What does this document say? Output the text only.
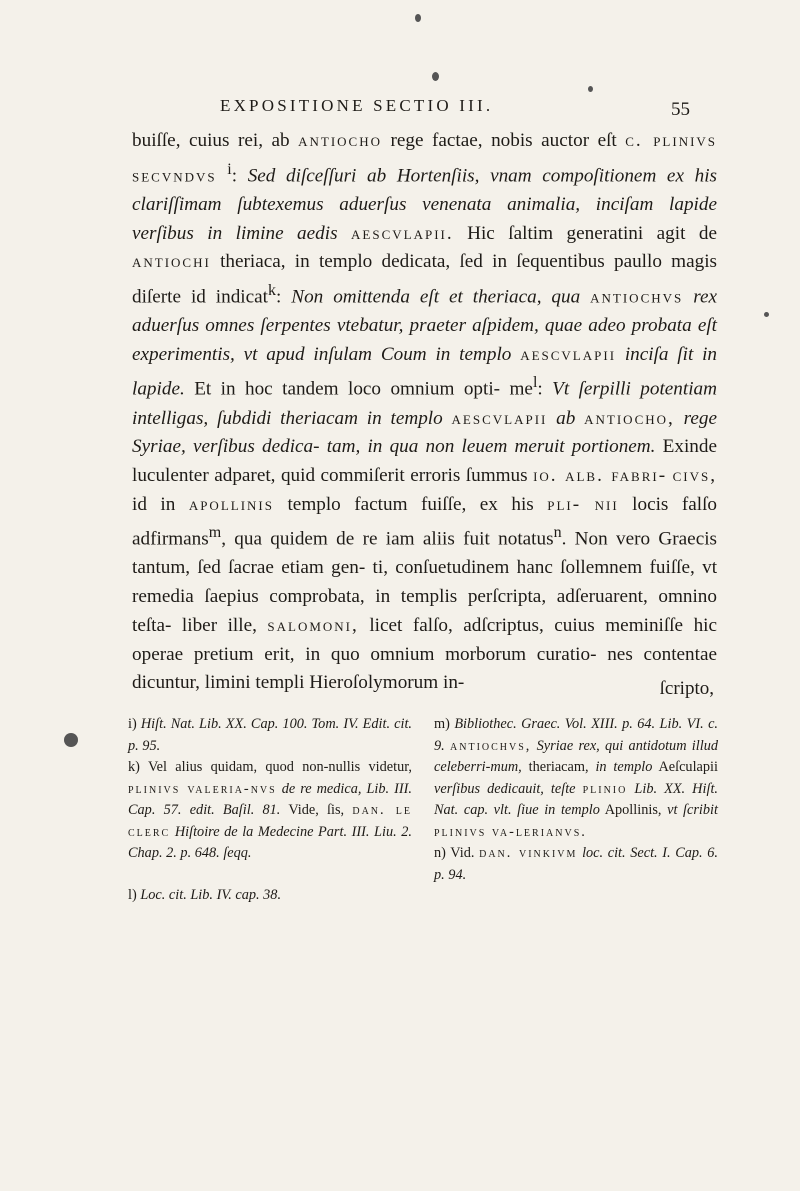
EXPOSITIONE SECTIO III.	55

buiſſe, cuius rei, ab antiocho rege factae, nobis auctor eſt c. plinivs secvndvs $^i$: Sed diſceſſuri ab Hortenſiis, vnam compoſitionem ex his clariſſimam ſubtexemus aduerſus venenata animalia, inciſam lapide verſibus in limine aedis aescvlapii. Hic ſaltim generatini agit de antiochi theriaca, in templo dedicata, ſed in ſequentibus paullo magis diſerte id indicat$^k$: Non omittenda eſt et theriaca, qua antiochvs rex aduerſus omnes ſerpentes vtebatur, praeter aſpidem, quae adeo probata eſt experimentis, vt apud inſulam Coum in templo aescvlapii inciſa ſit in lapide. Et in hoc tandem loco omnium opti- $me^l$: Vt ſerpilli potentiam intelligas, ſubdidi theriacam in templo aescvlapii ab antiocho, rege Syriae, verſibus dedica- tam, in qua non leuem meruit portionem. Exinde luculenter adparet, quid commiſerit erroris ſummus io. alb. fabri- civs, id in apollinis templo factum fuiſſe, ex his pli- nii locis falſo adfirmans$^m$, qua quidem de re iam aliis fuit notatus$^n$. Non vero Graecis tantum, ſed ſacrae etiam gen- ti, conſuetudinem hanc ſollemnem fuiſſe, vt remedia ſaepius comprobata, in templis perſcripta, adſeruarent, omnino teſta- liber ille, salomoni, licet falſo, adſcriptus, cuius meminiſſe hic operae pretium erit, in quo omnium morborum curatio- nes contentae dicuntur, limini templi Hieroſolymorum in-	ſcripto,

i) Hiſt. Nat. Lib. XX. Cap. 100. Tom. IV. Edit. cit. p. 95.

k) Vel alius quidam, quod non-nullis videtur, plinivs valeria-nvs de re medica, Lib. III. Cap. 57. edit. Baſil. 81. Vide, ſis, dan. le clerc Hiſtoire de la Medecine Part. III. Liu. 2. Chap. 2. p. 648. ſeqq.

l) Loc. cit. Lib. IV. cap. 38.

m) Bibliothec. Graec. Vol. XIII. p. 64. Lib. VI. c. 9. antiochvs, Syriae rex, qui antidotum illud celeberri-mum, theriacam, in templo Aeſculapii verſibus dedicauit, teſte plinio Lib. XX. Hiſt. Nat. cap. vlt. ſiue in templo Apollinis, vt ſcribit plinivs va-lerianvs.

n) Vid. dan. vinkivm loc. cit. Sect. I. Cap. 6. p. 94.
